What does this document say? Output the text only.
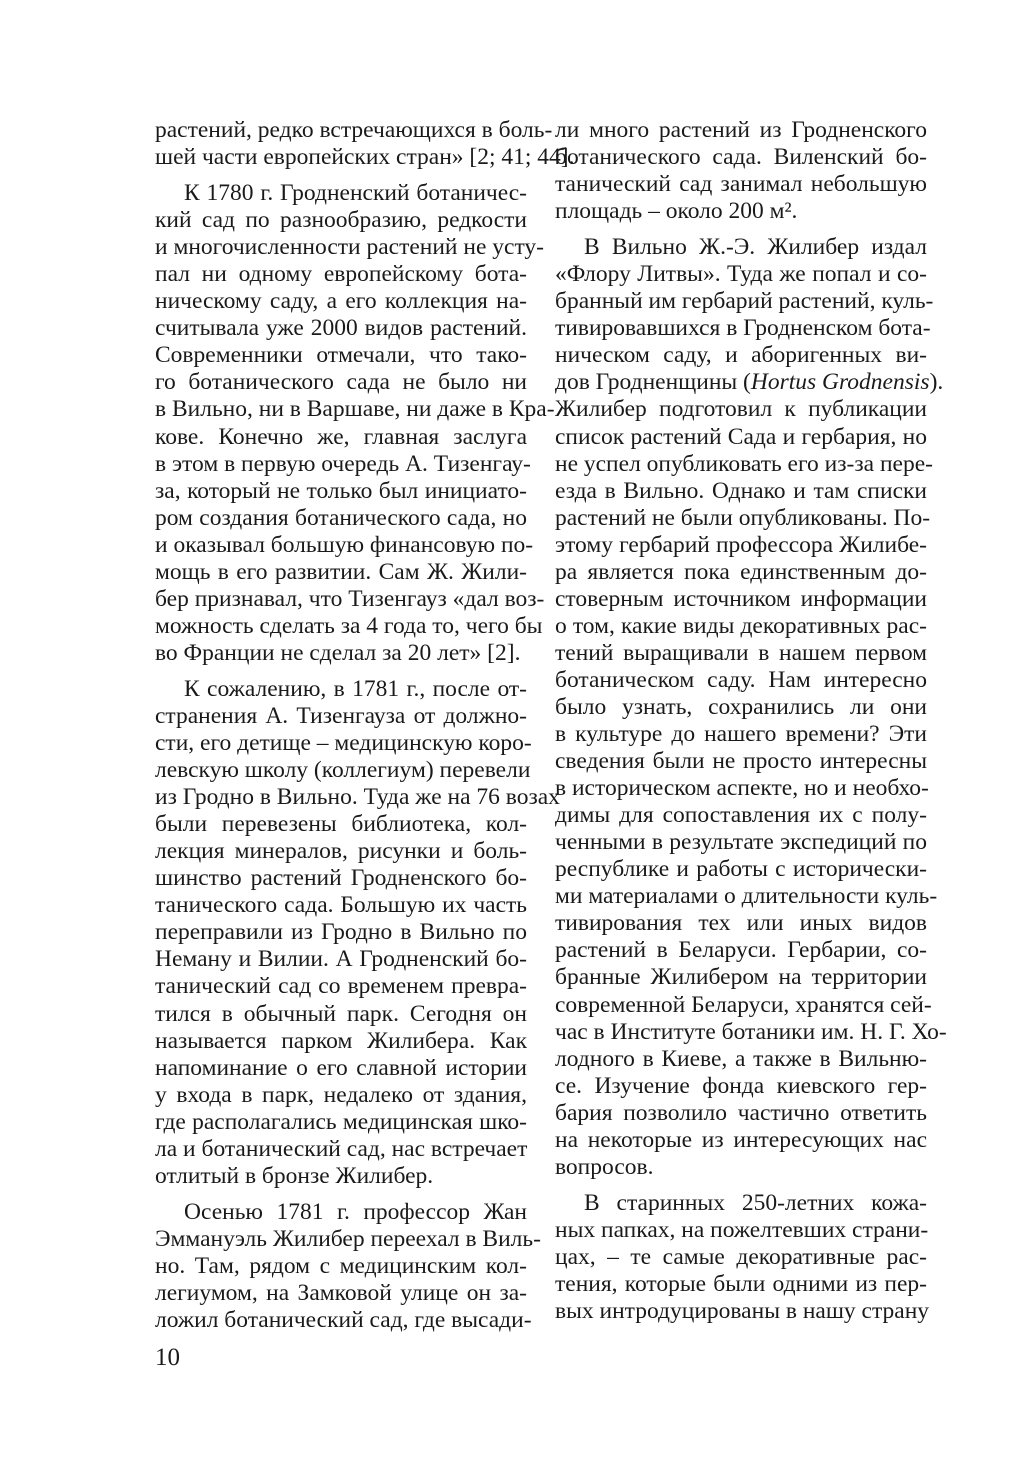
растений, редко встречающихся в боль-
шей части европейских стран» [2; 41; 44].

К 1780 г. Гродненский ботаничес-
кий сад по разнообразию, редкости
и многочисленности растений не усту-
пал ни одному европейскому бота-
ническому саду, а его коллекция на-
считывала уже 2000 видов растений.
Современники отмечали, что тако-
го ботанического сада не было ни
в Вильно, ни в Варшаве, ни даже в Кра-
кове. Конечно же, главная заслуга
в этом в первую очередь А. Тизенгау-
за, который не только был инициато-
ром создания ботанического сада, но
и оказывал большую финансовую по-
мощь в его развитии. Сам Ж. Жили-
бер признавал, что Тизенгауз «дал воз-
можность сделать за 4 года то, чего бы
во Франции не сделал за 20 лет» [2].

К сожалению, в 1781 г., после от-
странения А. Тизенгауза от должно-
сти, его детище – медицинскую коро-
левскую школу (коллегиум) перевели
из Гродно в Вильно. Туда же на 76 возах
были перевезены библиотека, кол-
лекция минералов, рисунки и боль-
шинство растений Гродненского бо-
танического сада. Большую их часть
переправили из Гродно в Вильно по
Неману и Вилии. А Гродненский бо-
танический сад со временем превра-
тился в обычный парк. Сегодня он
называется парком Жилибера. Как
напоминание о его славной истории
у входа в парк, недалеко от здания,
где располагались медицинская шко-
ла и ботанический сад, нас встречает
отлитый в бронзе Жилибер.

Осенью 1781 г. профессор Жан
Эммануэль Жилибер переехал в Виль-
но. Там, рядом с медицинским кол-
легиумом, на Замковой улице он за-
ложил ботанический сад, где высади-

ли много растений из Гродненского
ботанического сада. Виленский бо-
танический сад занимал небольшую
площадь – около 200 м².

В Вильно Ж.-Э. Жилибер издал
«Флору Литвы». Туда же попал и со-
бранный им гербарий растений, куль-
тивировавшихся в Гродненском бота-
ническом саду, и аборигенных ви-
дов Гродненщины (Hortus Grodnensis).
Жилибер подготовил к публикации
список растений Сада и гербария, но
не успел опубликовать его из-за пере-
езда в Вильно. Однако и там списки
растений не были опубликованы. По-
этому гербарий профессора Жилибе-
ра является пока единственным до-
стоверным источником информации
о том, какие виды декоративных рас-
тений выращивали в нашем первом
ботаническом саду. Нам интересно
было узнать, сохранились ли они
в культуре до нашего времени? Эти
сведения были не просто интересны
в историческом аспекте, но и необхо-
димы для сопоставления их с полу-
ченными в результате экспедиций по
республике и работы с исторически-
ми материалами о длительности куль-
тивирования тех или иных видов
растений в Беларуси. Гербарии, со-
бранные Жилибером на территории
современной Беларуси, хранятся сей-
час в Институте ботаники им. Н. Г. Хо-
лодного в Киеве, а также в Вильню-
се. Изучение фонда киевского гер-
бария позволило частично ответить
на некоторые из интересующих нас
вопросов.

В старинных 250-летних кожа-
ных папках, на пожелтевших страни-
цах, – те самые декоративные рас-
тения, которые были одними из пер-
вых интродуцированы в нашу страну

10
